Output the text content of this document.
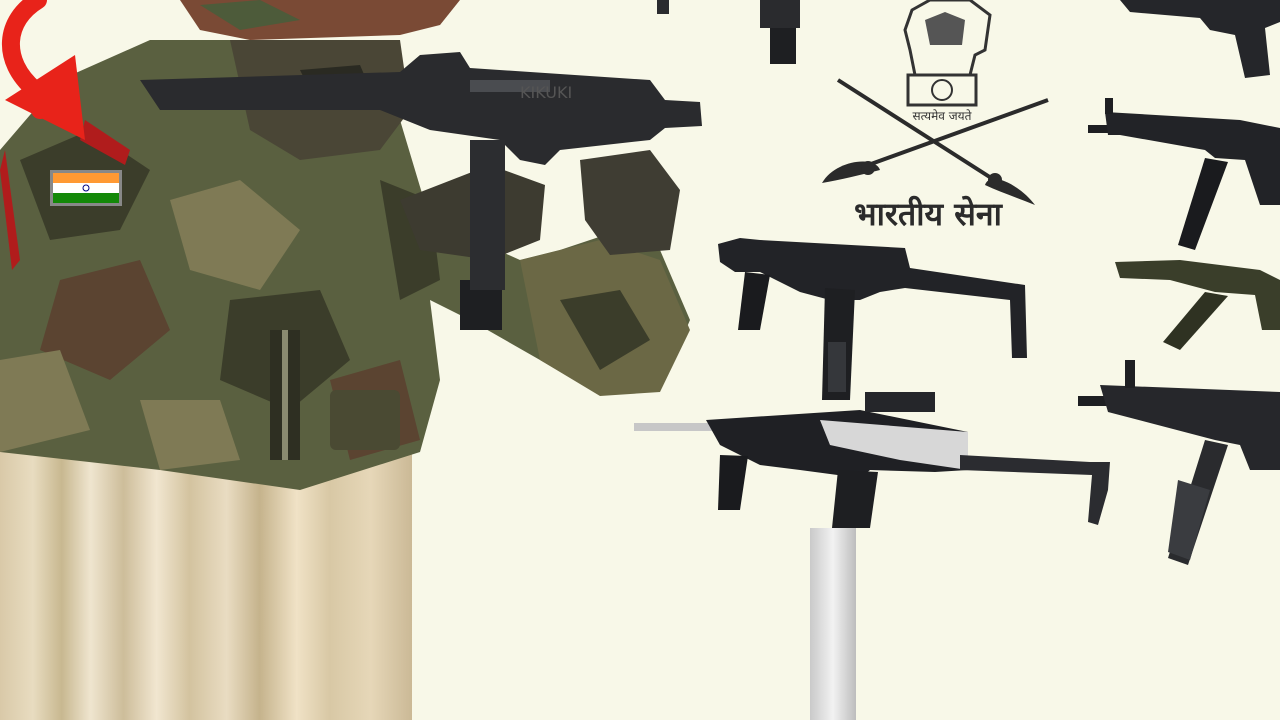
KIKUKI
सत्यमेव जयते
भारतीय सेना
